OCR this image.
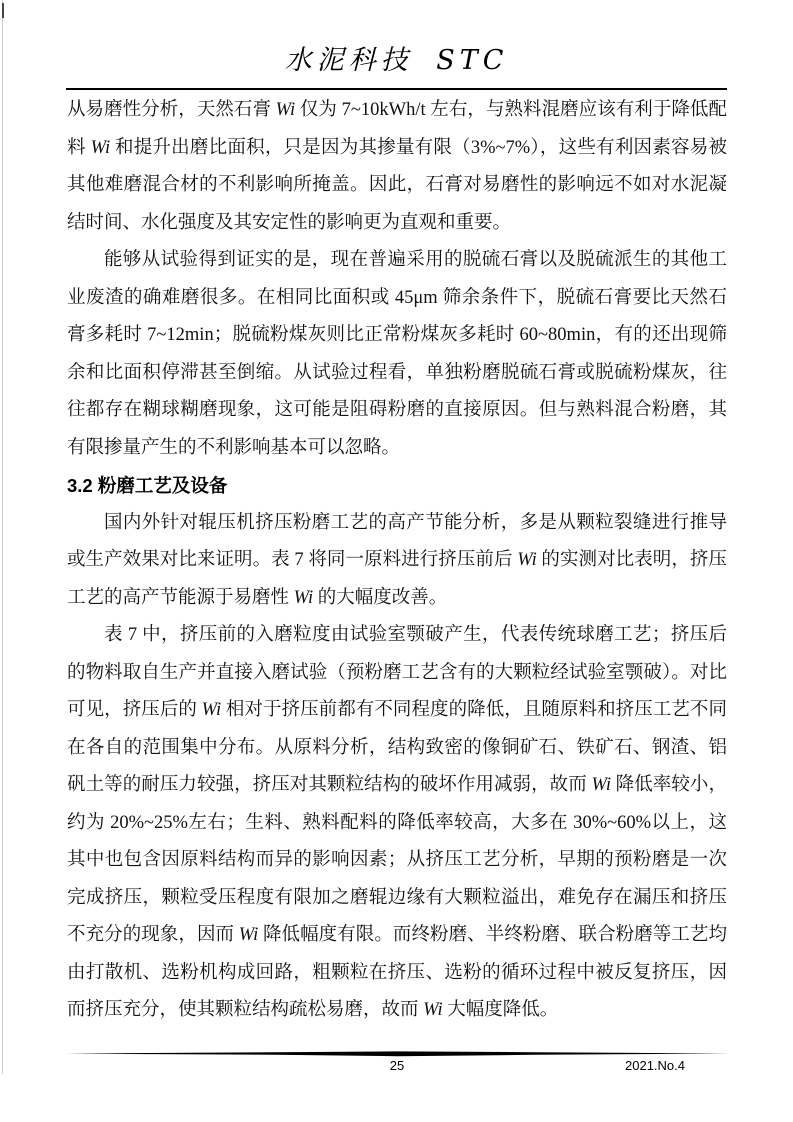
水泥科技 STC

从易磨性分析，天然石膏 Wi 仅为 7~10kWh/t 左右，与熟料混磨应该有利于降低配料 Wi 和提升出磨比面积，只是因为其掺量有限（3%~7%），这些有利因素容易被其他难磨混合材的不利影响所掩盖。因此，石膏对易磨性的影响远不如对水泥凝结时间、水化强度及其安定性的影响更为直观和重要。

能够从试验得到证实的是，现在普遍采用的脱硫石膏以及脱硫派生的其他工业废渣的确难磨很多。在相同比面积或 45μm 筛余条件下，脱硫石膏要比天然石膏多耗时 7~12min；脱硫粉煤灰则比正常粉煤灰多耗时 60~80min，有的还出现筛余和比面积停滞甚至倒缩。从试验过程看，单独粉磨脱硫石膏或脱硫粉煤灰，往往都存在糊球糊磨现象，这可能是阻碍粉磨的直接原因。但与熟料混合粉磨，其有限掺量产生的不利影响基本可以忽略。

3.2 粉磨工艺及设备

国内外针对辊压机挤压粉磨工艺的高产节能分析，多是从颗粒裂缝进行推导或生产效果对比来证明。表 7 将同一原料进行挤压前后 Wi 的实测对比表明，挤压工艺的高产节能源于易磨性 Wi 的大幅度改善。

表 7 中，挤压前的入磨粒度由试验室颚破产生，代表传统球磨工艺；挤压后的物料取自生产并直接入磨试验（预粉磨工艺含有的大颗粒经试验室颚破）。对比可见，挤压后的 Wi 相对于挤压前都有不同程度的降低，且随原料和挤压工艺不同在各自的范围集中分布。从原料分析，结构致密的像铜矿石、铁矿石、钢渣、铝矾土等的耐压力较强，挤压对其颗粒结构的破坏作用减弱，故而 Wi 降低率较小，约为 20%~25%左右；生料、熟料配料的降低率较高，大多在 30%~60%以上，这其中也包含因原料结构而异的影响因素；从挤压工艺分析，早期的预粉磨是一次完成挤压，颗粒受压程度有限加之磨辊边缘有大颗粒溢出，难免存在漏压和挤压不充分的现象，因而 Wi 降低幅度有限。而终粉磨、半终粉磨、联合粉磨等工艺均由打散机、选粉机构成回路，粗颗粒在挤压、选粉的循环过程中被反复挤压，因而挤压充分，使其颗粒结构疏松易磨，故而 Wi 大幅度降低。

25	2021.No.4
